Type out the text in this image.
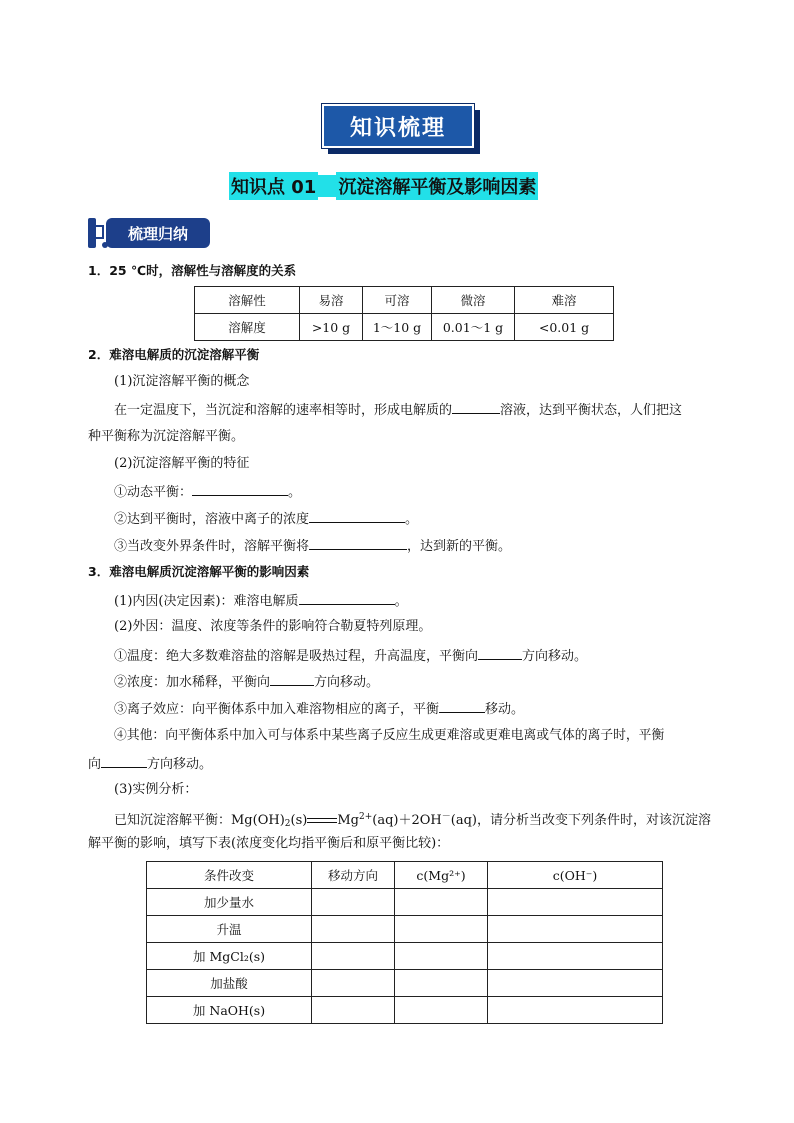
知识梳理
知识点 01 沉淀溶解平衡及影响因素
梳理归纳
1．25 ℃时，溶解性与溶解度的关系
溶解性	易溶	可溶	微溶	难溶
溶解度	>10 g	1～10 g	0.01～1 g	<0.01 g
2．难溶电解质的沉淀溶解平衡
(1)沉淀溶解平衡的概念
在一定温度下，当沉淀和溶解的速率相等时，形成电解质的	溶液，达到平衡状态，人们把这
种平衡称为沉淀溶解平衡。
(2)沉淀溶解平衡的特征
①动态平衡：	。
②达到平衡时，溶液中离子的浓度	。
③当改变外界条件时，溶解平衡将	，达到新的平衡。
3．难溶电解质沉淀溶解平衡的影响因素
(1)内因(决定因素)：难溶电解质	。
(2)外因：温度、浓度等条件的影响符合勒夏特列原理。
①温度：绝大多数难溶盐的溶解是吸热过程，升高温度，平衡向	方向移动。
②浓度：加水稀释，平衡向	方向移动。
③离子效应：向平衡体系中加入难溶物相应的离子，平衡	移动。
④其他：向平衡体系中加入可与体系中某些离子反应生成更难溶或更难电离或气体的离子时，平衡
向	方向移动。
(3)实例分析：
已知沉淀溶解平衡：$Mg(OH)_2(s)$ $Mg^{2+}(aq)+2OH^-(aq)$，请分析当改变下列条件时，对该沉淀溶
解平衡的影响，填写下表(浓度变化均指平衡后和原平衡比较)：
条件改变	移动方向	c(Mg²⁺)	c(OH⁻)
加少量水			
升温			
加 MgCl₂(s)			
加盐酸			
加 NaOH(s)			
